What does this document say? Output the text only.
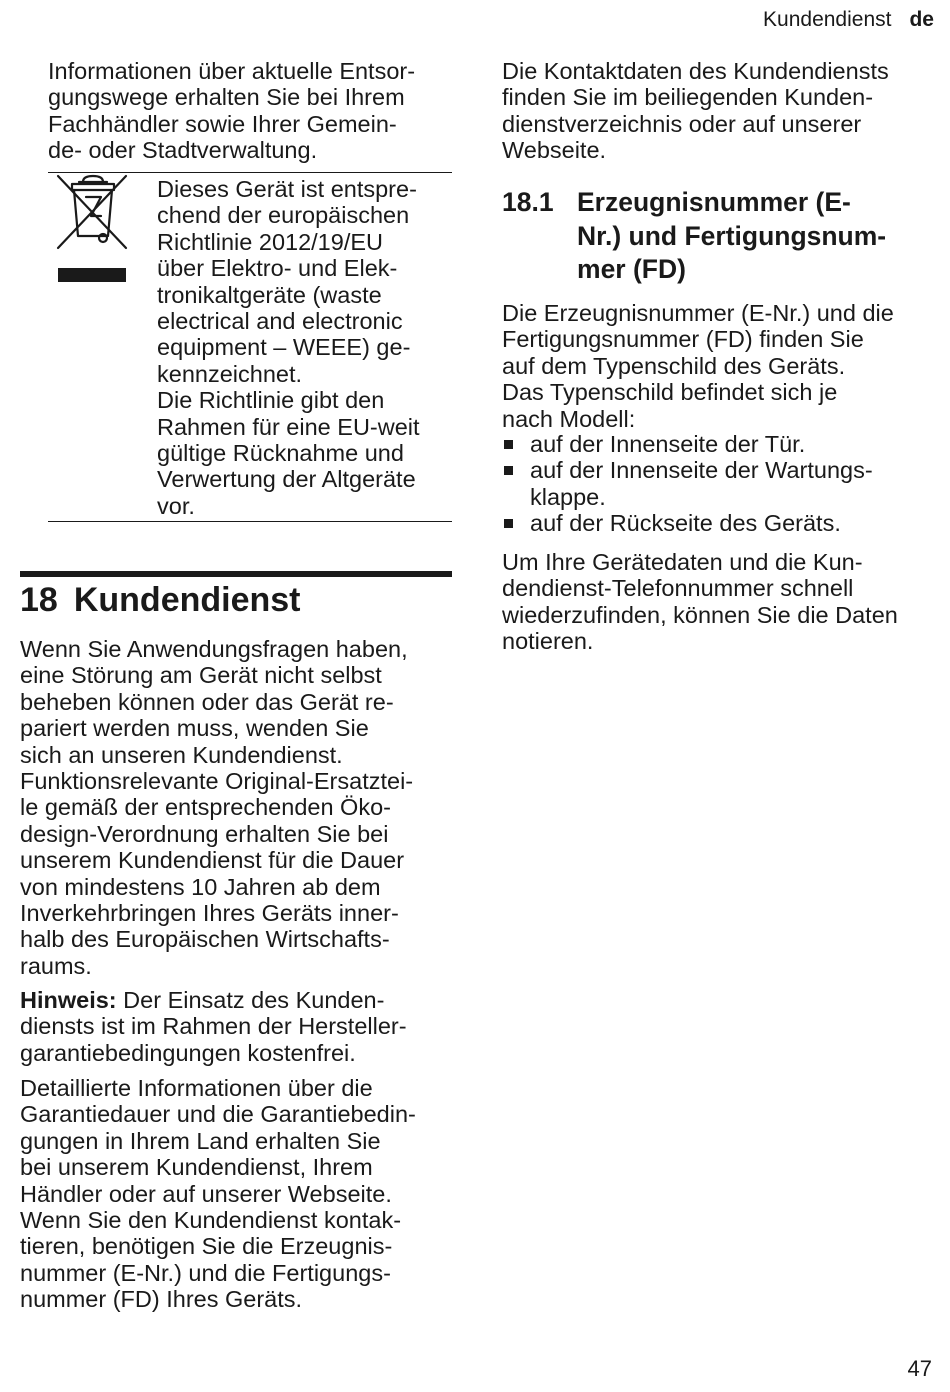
Kundendienst de
Informationen über aktuelle Entsor-
gungswege erhalten Sie bei Ihrem
Fachhändler sowie Ihrer Gemein-
de- oder Stadtverwaltung.
Dieses Gerät ist entspre-
chend der europäischen
Richtlinie 2012/19/EU
über Elektro- und Elek-
tronikaltgeräte (waste
electrical and electronic
equipment – WEEE) ge-
kennzeichnet.
Die Richtlinie gibt den
Rahmen für eine EU-weit
gültige Rücknahme und
Verwertung der Altgeräte
vor.
18 Kundendienst
Wenn Sie Anwendungsfragen haben,
eine Störung am Gerät nicht selbst
beheben können oder das Gerät re-
pariert werden muss, wenden Sie
sich an unseren Kundendienst.
Funktionsrelevante Original-Ersatztei-
le gemäß der entsprechenden Öko-
design-Verordnung erhalten Sie bei
unserem Kundendienst für die Dauer
von mindestens 10 Jahren ab dem
Inverkehrbringen Ihres Geräts inner-
halb des Europäischen Wirtschafts-
raums.
Hinweis: Der Einsatz des Kunden-
diensts ist im Rahmen der Hersteller-
garantiebedingungen kostenfrei.
Detaillierte Informationen über die
Garantiedauer und die Garantiebedin-
gungen in Ihrem Land erhalten Sie
bei unserem Kundendienst, Ihrem
Händler oder auf unserer Webseite.
Wenn Sie den Kundendienst kontak-
tieren, benötigen Sie die Erzeugnis-
nummer (E-Nr.) und die Fertigungs-
nummer (FD) Ihres Geräts.
Die Kontaktdaten des Kundendiensts
finden Sie im beiliegenden Kunden-
dienstverzeichnis oder auf unserer
Webseite.
18.1 Erzeugnisnummer (E-
Nr.) und Fertigungsnum-
mer (FD)
Die Erzeugnisnummer (E-Nr.) und die
Fertigungsnummer (FD) finden Sie
auf dem Typenschild des Geräts.
Das Typenschild befindet sich je
nach Modell:
auf der Innenseite der Tür.
auf der Innenseite der Wartungs-
klappe.
auf der Rückseite des Geräts.
Um Ihre Gerätedaten und die Kun-
dendienst-Telefonnummer schnell
wiederzufinden, können Sie die Daten
notieren.
47
